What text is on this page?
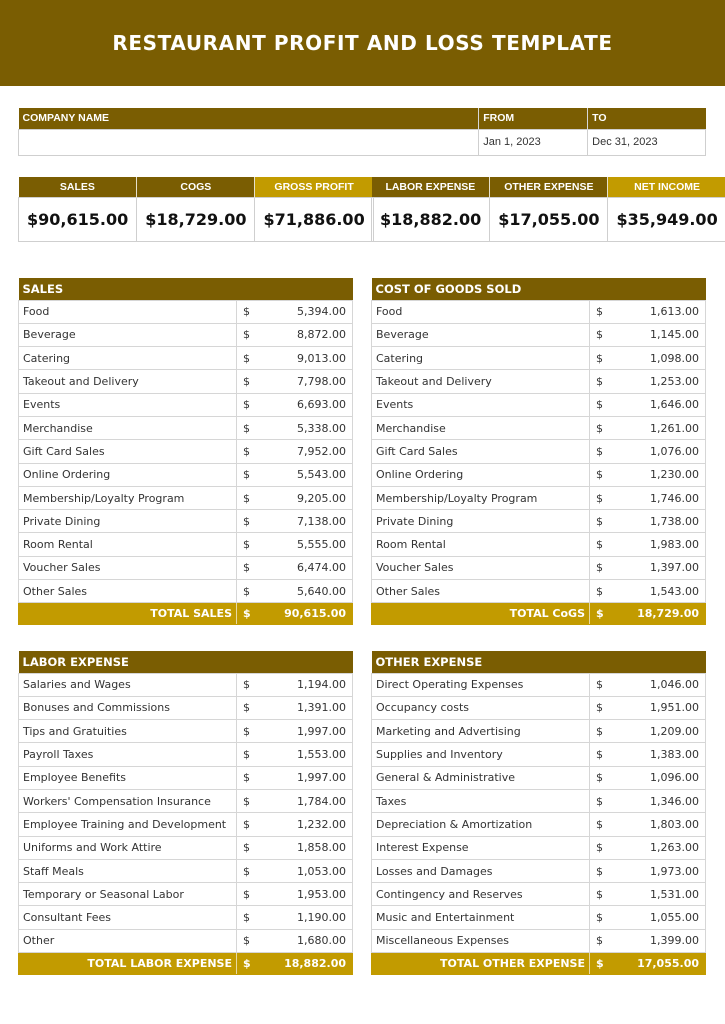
RESTAURANT PROFIT AND LOSS TEMPLATE
COMPANY NAME	FROM	TO
	Jan 1, 2023	Dec 31, 2023
SALES	COGS	GROSS PROFIT

$ 90,615.00	$ 18,729.00	$ 71,886.00
LABOR EXPENSE	OTHER EXPENSE	NET INCOME

$ 18,882.00	$ 17,055.00	$ 35,949.00
SALES		
Food	$	5,394.00
Beverage	$	8,872.00
Catering	$	9,013.00
Takeout and Delivery	$	7,798.00
Events	$	6,693.00
Merchandise	$	5,338.00
Gift Card Sales	$	7,952.00
Online Ordering	$	5,543.00
Membership/Loyalty Program	$	9,205.00
Private Dining	$	7,138.00
Room Rental	$	5,555.00
Voucher Sales	$	6,474.00
Other Sales	$	5,640.00
TOTAL SALES	$	90,615.00
COST OF GOODS SOLD		
Food	$	1,613.00
Beverage	$	1,145.00
Catering	$	1,098.00
Takeout and Delivery	$	1,253.00
Events	$	1,646.00
Merchandise	$	1,261.00
Gift Card Sales	$	1,076.00
Online Ordering	$	1,230.00
Membership/Loyalty Program	$	1,746.00
Private Dining	$	1,738.00
Room Rental	$	1,983.00
Voucher Sales	$	1,397.00
Other Sales	$	1,543.00
TOTAL CoGS	$	18,729.00
LABOR EXPENSE		
Salaries and Wages	$	1,194.00
Bonuses and Commissions	$	1,391.00
Tips and Gratuities	$	1,997.00
Payroll Taxes	$	1,553.00
Employee Benefits	$	1,997.00
Workers' Compensation Insurance	$	1,784.00
Employee Training and Development	$	1,232.00
Uniforms and Work Attire	$	1,858.00
Staff Meals	$	1,053.00
Temporary or Seasonal Labor	$	1,953.00
Consultant Fees	$	1,190.00
Other	$	1,680.00
TOTAL LABOR EXPENSE	$	18,882.00
OTHER EXPENSE		
Direct Operating Expenses	$	1,046.00
Occupancy costs	$	1,951.00
Marketing and Advertising	$	1,209.00
Supplies and Inventory	$	1,383.00
General & Administrative	$	1,096.00
Taxes	$	1,346.00
Depreciation & Amortization	$	1,803.00
Interest Expense	$	1,263.00
Losses and Damages	$	1,973.00
Contingency and Reserves	$	1,531.00
Music and Entertainment	$	1,055.00
Miscellaneous Expenses	$	1,399.00
TOTAL OTHER EXPENSE	$	17,055.00
